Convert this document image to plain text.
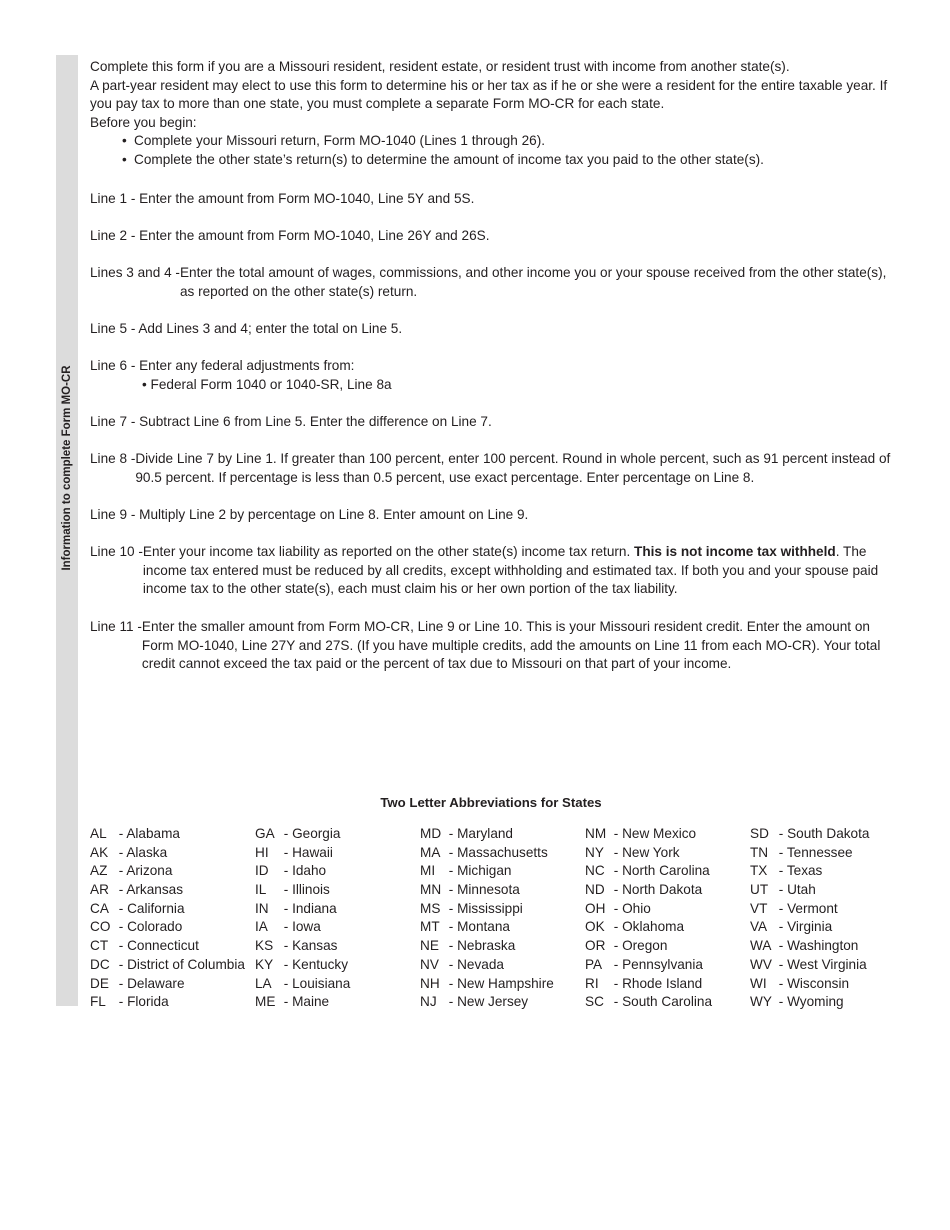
Information to complete Form MO-CR

Complete this form if you are a Missouri resident, resident estate, or resident trust with income from another state(s).

A part-year resident may elect to use this form to determine his or her tax as if he or she were a resident for the entire taxable year. If you pay tax to more than one state, you must complete a separate Form MO-CR for each state.

Before you begin:

• Complete your Missouri return, Form MO-1040 (Lines 1 through 26).
• Complete the other state’s return(s) to determine the amount of income tax you paid to the other state(s).

Line 1 - Enter the amount from Form MO-1040, Line 5Y and 5S.

Line 2 - Enter the amount from Form MO-1040, Line 26Y and 26S.

Lines 3 and 4 - Enter the total amount of wages, commissions, and other income you or your spouse received from the other state(s), as reported on the other state(s) return.

Line 5 - Add Lines 3 and 4; enter the total on Line 5.

Line 6 - Enter any federal adjustments from:

• Federal Form 1040 or 1040-SR, Line 8a

Line 7 - Subtract Line 6 from Line 5. Enter the difference on Line 7.

Line 8 - Divide Line 7 by Line 1. If greater than 100 percent, enter 100 percent. Round in whole percent, such as 91 percent instead of 90.5 percent. If percentage is less than 0.5 percent, use exact percentage. Enter percentage on Line 8.

Line 9 - Multiply Line 2 by percentage on Line 8. Enter amount on Line 9.

Line 10 - Enter your income tax liability as reported on the other state(s) income tax return. This is not income tax withheld. The income tax entered must be reduced by all credits, except withholding and estimated tax. If both you and your spouse paid income tax to the other state(s), each must claim his or her own portion of the tax liability.
Line 11 - Enter the smaller amount from Form MO-CR, Line 9 or Line 10. This is your Missouri resident credit. Enter the amount on Form MO-1040, Line 27Y and 27S. (If you have multiple credits, add the amounts on Line 11 from each MO-CR). Your total credit cannot exceed the tax paid or the percent of tax due to Missouri on that part of your income.
Two Letter Abbreviations for States
AL - Alabama
AK - Alaska
AZ - Arizona
AR - Arkansas
CA - California
CO - Colorado
CT - Connecticut
DC - District of Columbia
DE - Delaware
FL - Florida
GA - Georgia
HI - Hawaii
ID - Idaho
IL - Illinois
IN - Indiana
IA - Iowa
KS - Kansas
KY - Kentucky
LA - Louisiana
ME - Maine
MD - Maryland
MA - Massachusetts
MI - Michigan
MN - Minnesota
MS - Mississippi
MT - Montana
NE - Nebraska
NV - Nevada
NH - New Hampshire
NJ - New Jersey
NM - New Mexico
NY - New York
NC - North Carolina
ND - North Dakota
OH - Ohio
OK - Oklahoma
OR - Oregon
PA - Pennsylvania
RI - Rhode Island
SC - South Carolina
SD - South Dakota
TN - Tennessee
TX - Texas
UT - Utah
VT - Vermont
VA - Virginia
WA - Washington
WV - West Virginia
WI - Wisconsin
WY - Wyoming
